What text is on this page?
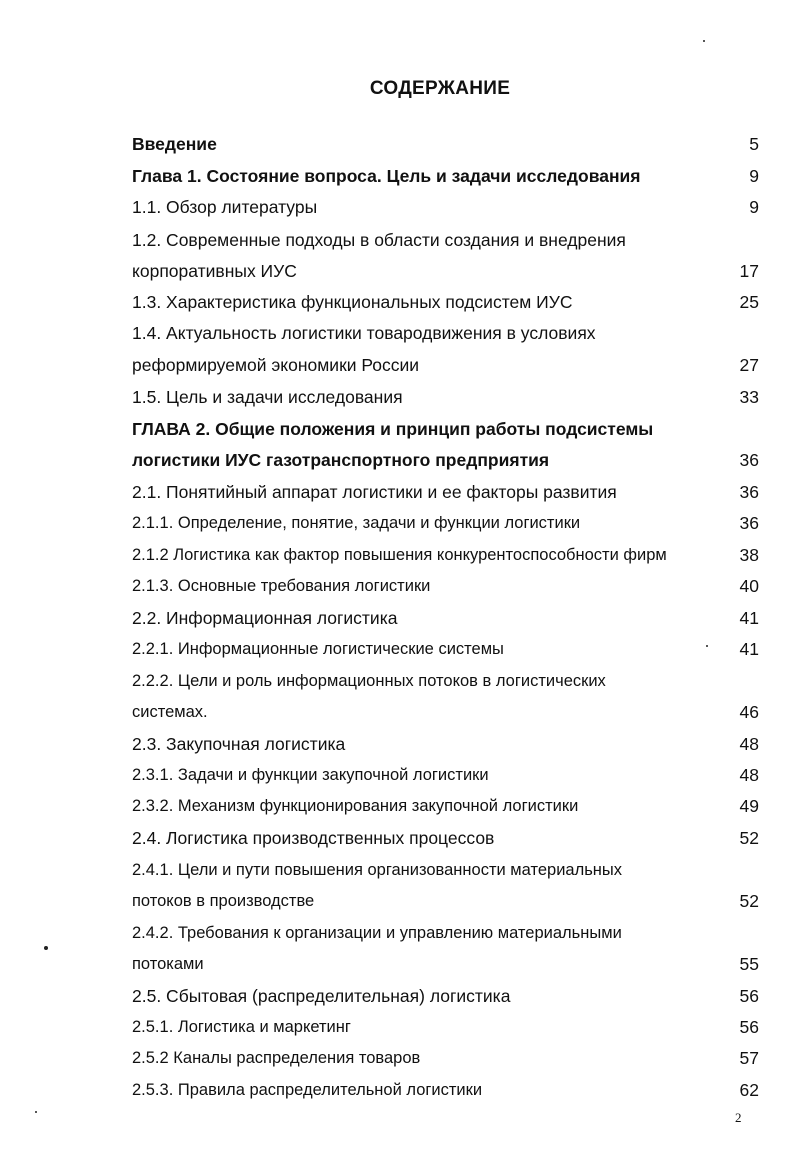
СОДЕРЖАНИЕ
Введение	5
Глава 1. Состояние вопроса. Цель и задачи исследования	9
1.1. Обзор литературы	9
1.2. Современные подходы в области создания и внедрения
корпоративных ИУС	17
1.3. Характеристика функциональных подсистем ИУС	25
1.4. Актуальность логистики товародвижения в условиях
реформируемой экономики России	27
1.5. Цель и задачи исследования	33
ГЛАВА 2. Общие положения и принцип работы подсистемы
логистики ИУС газотранспортного предприятия	36
2.1. Понятийный аппарат логистики и ее факторы развития	36
2.1.1. Определение, понятие, задачи и функции логистики	36
2.1.2 Логистика как фактор повышения конкурентоспособности фирм	38
2.1.3. Основные требования логистики	40
2.2. Информационная логистика	41
2.2.1. Информационные логистические системы	41
2.2.2. Цели и роль информационных потоков в логистических
системах.	46
2.3. Закупочная логистика	48
2.3.1. Задачи и функции закупочной логистики	48
2.3.2. Механизм функционирования закупочной логистики	49
2.4. Логистика производственных процессов	52
2.4.1. Цели и пути повышения организованности материальных
потоков в производстве	52
2.4.2. Требования к организации и управлению материальными
потоками	55
2.5. Сбытовая (распределительная) логистика	56
2.5.1. Логистика и маркетинг	56
2.5.2 Каналы распределения товаров	57
2.5.3. Правила распределительной логистики	62
2
